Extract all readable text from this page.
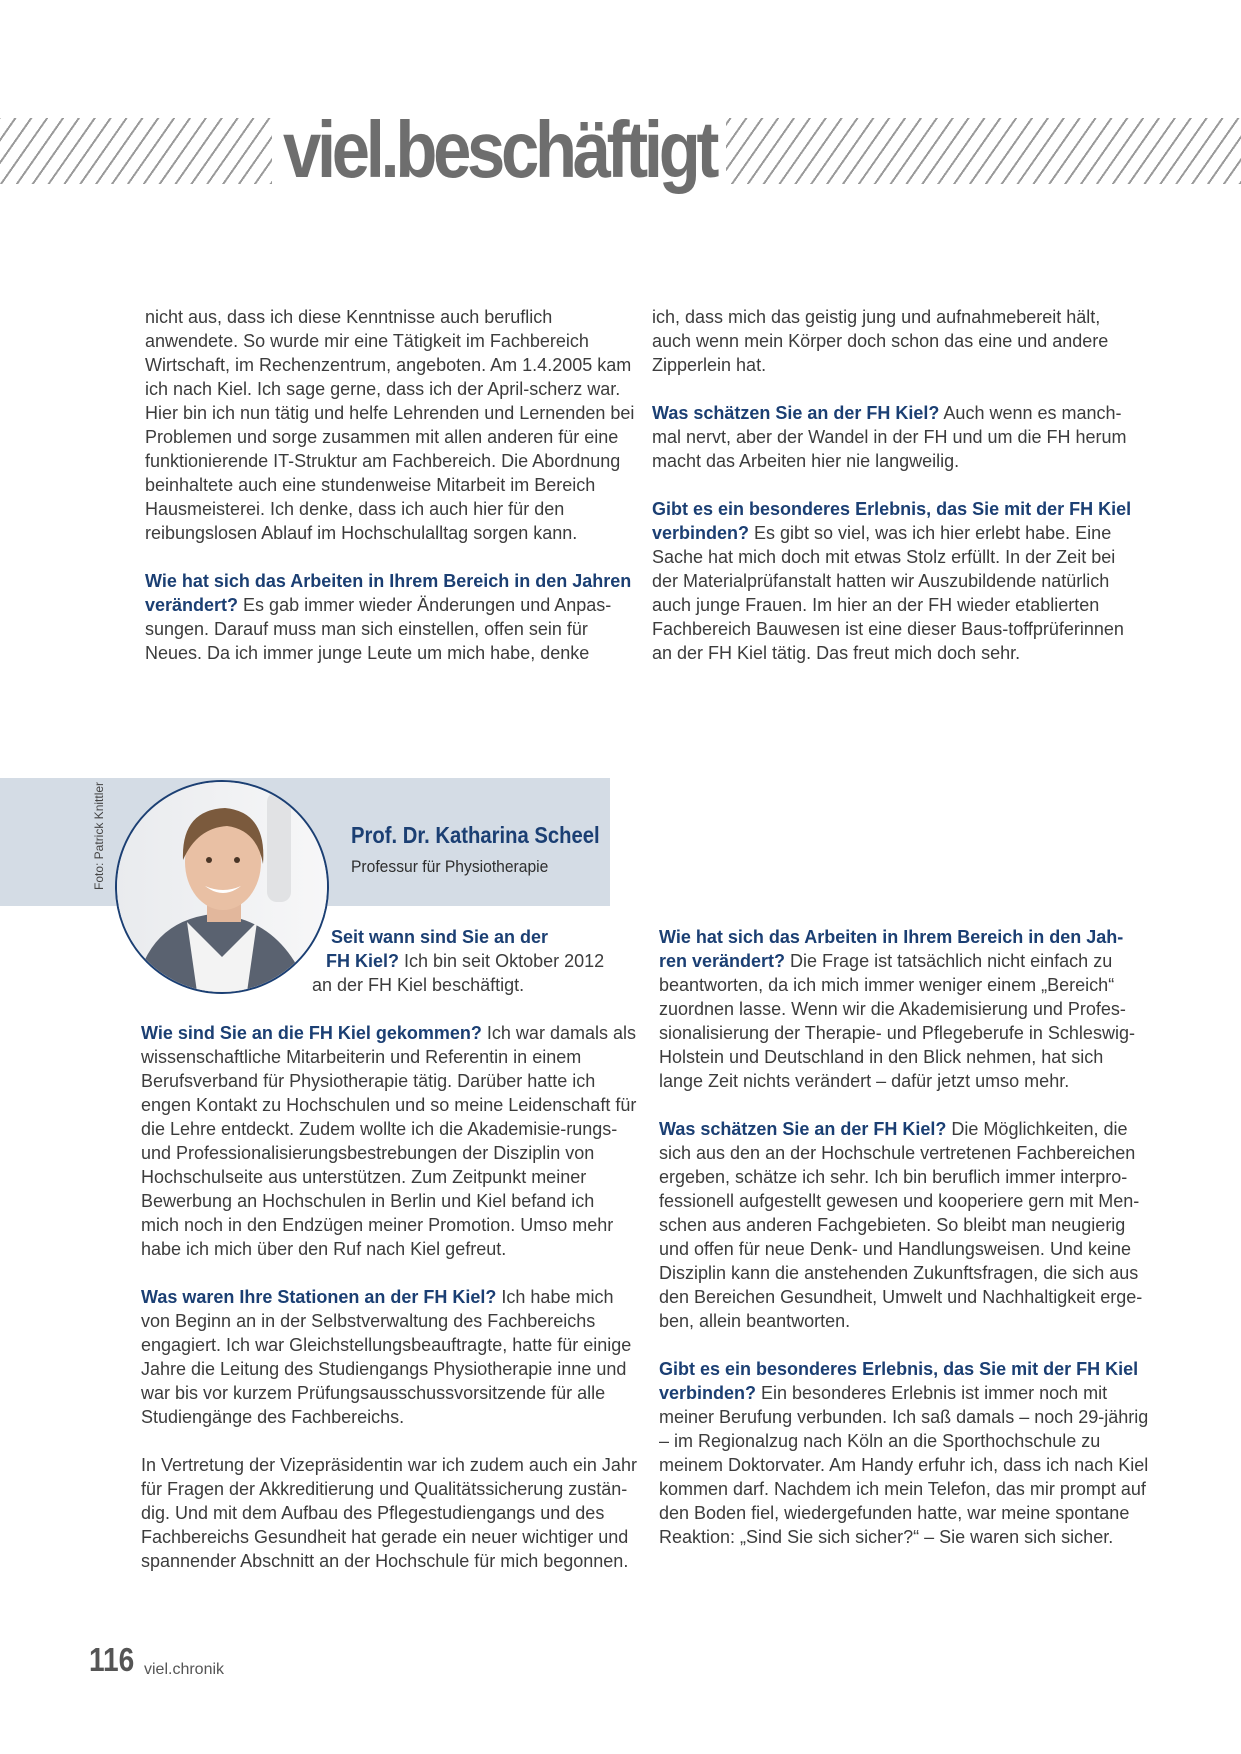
viel.beschäftigt

nicht aus, dass ich diese Kenntnisse auch beruflich anwendete. So wurde mir eine Tätigkeit im Fachbereich Wirtschaft, im Rechenzentrum, angeboten. Am 1.4.2005 kam ich nach Kiel. Ich sage gerne, dass ich der April-scherz war. Hier bin ich nun tätig und helfe Lehrenden und Lernenden bei Problemen und sorge zusammen mit allen anderen für eine funktionierende IT-Struktur am Fachbereich. Die Abordnung beinhaltete auch eine stundenweise Mitarbeit im Bereich Hausmeisterei. Ich denke, dass ich auch hier für den reibungslosen Ablauf im Hochschulalltag sorgen kann.

Wie hat sich das Arbeiten in Ihrem Bereich in den Jahren verändert? Es gab immer wieder Änderungen und Anpas-sungen. Darauf muss man sich einstellen, offen sein für Neues. Da ich immer junge Leute um mich habe, denke

ich, dass mich das geistig jung und aufnahmebereit hält, auch wenn mein Körper doch schon das eine und andere Zipperlein hat.

Was schätzen Sie an der FH Kiel? Auch wenn es manch-mal nervt, aber der Wandel in der FH und um die FH herum macht das Arbeiten hier nie langweilig.

Gibt es ein besonderes Erlebnis, das Sie mit der FH Kiel verbinden? Es gibt so viel, was ich hier erlebt habe. Eine Sache hat mich doch mit etwas Stolz erfüllt. In der Zeit bei der Materialprüfanstalt hatten wir Auszubildende natürlich auch junge Frauen. Im hier an der FH wieder etablierten Fachbereich Bauwesen ist eine dieser Baus-toffprüferinnen an der FH Kiel tätig. Das freut mich doch sehr.

Foto: Patrick Knittler	Prof. Dr. Katharina Scheel
Professur für Physiotherapie

Seit wann sind Sie an der
FH Kiel? Ich bin seit Oktober 2012
an der FH Kiel beschäftigt.

Wie sind Sie an die FH Kiel gekommen? Ich war damals als wissenschaftliche Mitarbeiterin und Referentin in einem Berufsverband für Physiotherapie tätig. Darüber hatte ich engen Kontakt zu Hochschulen und so meine Leidenschaft für die Lehre entdeckt. Zudem wollte ich die Akademisie-rungs- und Professionalisierungsbestrebungen der Disziplin von Hochschulseite aus unterstützen. Zum Zeitpunkt meiner Bewerbung an Hochschulen in Berlin und Kiel befand ich mich noch in den Endzügen meiner Promotion. Umso mehr habe ich mich über den Ruf nach Kiel gefreut.

Was waren Ihre Stationen an der FH Kiel? Ich habe mich von Beginn an in der Selbstverwaltung des Fachbereichs engagiert. Ich war Gleichstellungsbeauftragte, hatte für einige Jahre die Leitung des Studiengangs Physiotherapie inne und war bis vor kurzem Prüfungsausschussvorsitzende für alle Studiengänge des Fachbereichs.

In Vertretung der Vizepräsidentin war ich zudem auch ein Jahr für Fragen der Akkreditierung und Qualitätssicherung zustän-dig. Und mit dem Aufbau des Pflegestudiengangs und des Fachbereichs Gesundheit hat gerade ein neuer wichtiger und spannender Abschnitt an der Hochschule für mich begonnen.

Wie hat sich das Arbeiten in Ihrem Bereich in den Jah-ren verändert? Die Frage ist tatsächlich nicht einfach zu beantworten, da ich mich immer weniger einem „Bereich“ zuordnen lasse. Wenn wir die Akademisierung und Profes-sionalisierung der Therapie- und Pflegeberufe in Schleswig-Holstein und Deutschland in den Blick nehmen, hat sich lange Zeit nichts verändert – dafür jetzt umso mehr.

Was schätzen Sie an der FH Kiel? Die Möglichkeiten, die sich aus den an der Hochschule vertretenen Fachbereichen ergeben, schätze ich sehr. Ich bin beruflich immer interpro-fessionell aufgestellt gewesen und kooperiere gern mit Men-schen aus anderen Fachgebieten. So bleibt man neugierig und offen für neue Denk- und Handlungsweisen. Und keine Disziplin kann die anstehenden Zukunftsfragen, die sich aus den Bereichen Gesundheit, Umwelt und Nachhaltigkeit erge-ben, allein beantworten.

Gibt es ein besonderes Erlebnis, das Sie mit der FH Kiel verbinden? Ein besonderes Erlebnis ist immer noch mit meiner Berufung verbunden. Ich saß damals – noch 29-jährig – im Regionalzug nach Köln an die Sporthochschule zu meinem Doktorvater. Am Handy erfuhr ich, dass ich nach Kiel kommen darf. Nachdem ich mein Telefon, das mir prompt auf den Boden fiel, wiedergefunden hatte, war meine spontane Reaktion: „Sind Sie sich sicher?“ – Sie waren sich sicher.

116 viel.chronik
